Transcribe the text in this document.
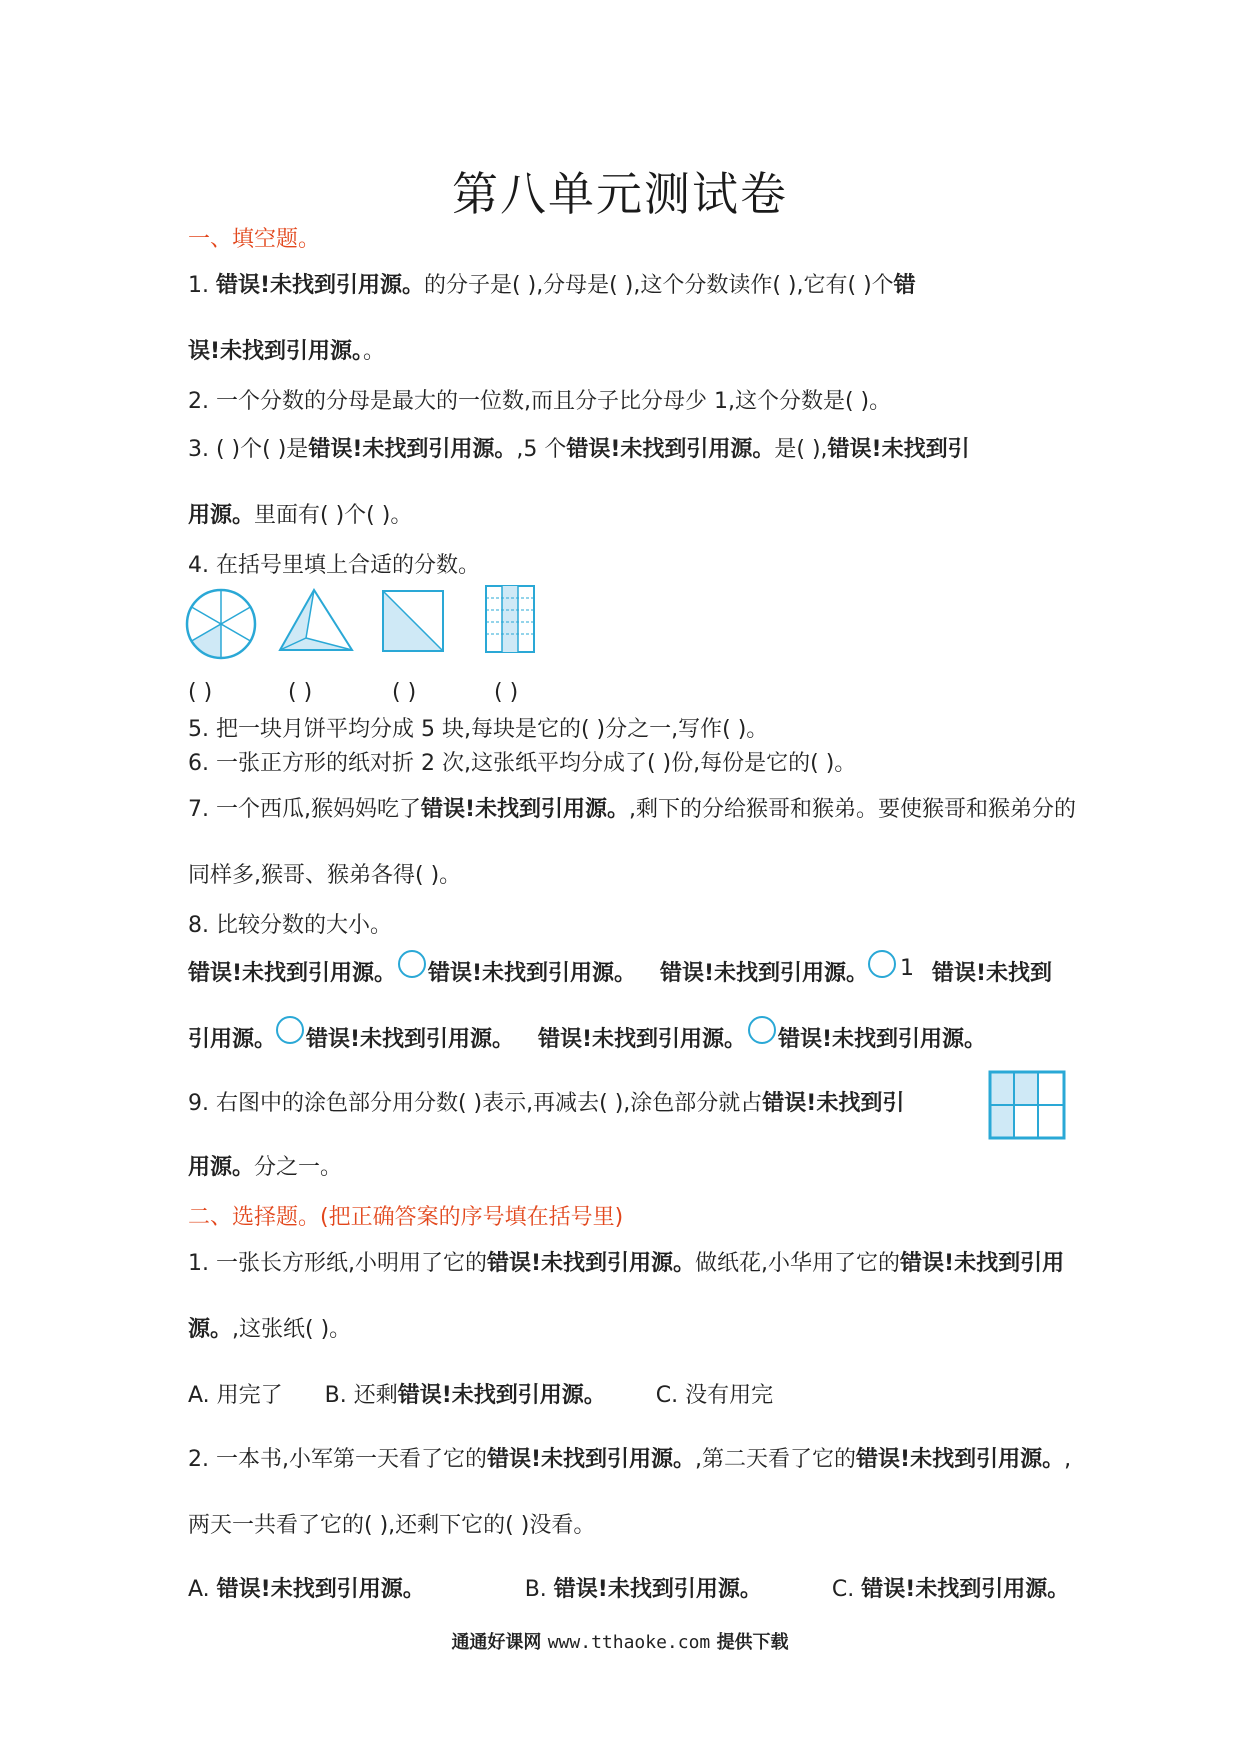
第八单元测试卷
一、填空题。
1. 错误!未找到引用源。的分子是( ),分母是( ),这个分数读作( ),它有( )个错
误!未找到引用源。。
2. 一个分数的分母是最大的一位数,而且分子比分母少 1,这个分数是( )。
3. ( )个( )是错误!未找到引用源。,5 个错误!未找到引用源。是( ),错误!未找到引
用源。里面有( )个( )。
4. 在括号里填上合适的分数。
( )	( )	( )	( )
5. 把一块月饼平均分成 5 块,每块是它的( )分之一,写作( )。
6. 一张正方形的纸对折 2 次,这张纸平均分成了( )份,每份是它的( )。
7. 一个西瓜,猴妈妈吃了错误!未找到引用源。,剩下的分给猴哥和猴弟。要使猴哥和猴弟分的
同样多,猴哥、猴弟各得( )。
8. 比较分数的大小。
错误!未找到引用源。 错误!未找到引用源。 错误!未找到引用源。 1 错误!未找到
引用源。 错误!未找到引用源。 错误!未找到引用源。 错误!未找到引用源。
9. 右图中的涂色部分用分数( )表示,再减去( ),涂色部分就占错误!未找到引
用源。分之一。
二、选择题。(把正确答案的序号填在括号里)
1. 一张长方形纸,小明用了它的错误!未找到引用源。做纸花,小华用了它的错误!未找到引用
源。,这张纸( )。
A. 用完了 B. 还剩错误!未找到引用源。 C. 没有用完
2. 一本书,小军第一天看了它的错误!未找到引用源。,第二天看了它的错误!未找到引用源。,
两天一共看了它的( ),还剩下它的( )没看。
A. 错误!未找到引用源。	B. 错误!未找到引用源。	C. 错误!未找到引用源。
通通好课网 www.tthaoke.com 提供下载
